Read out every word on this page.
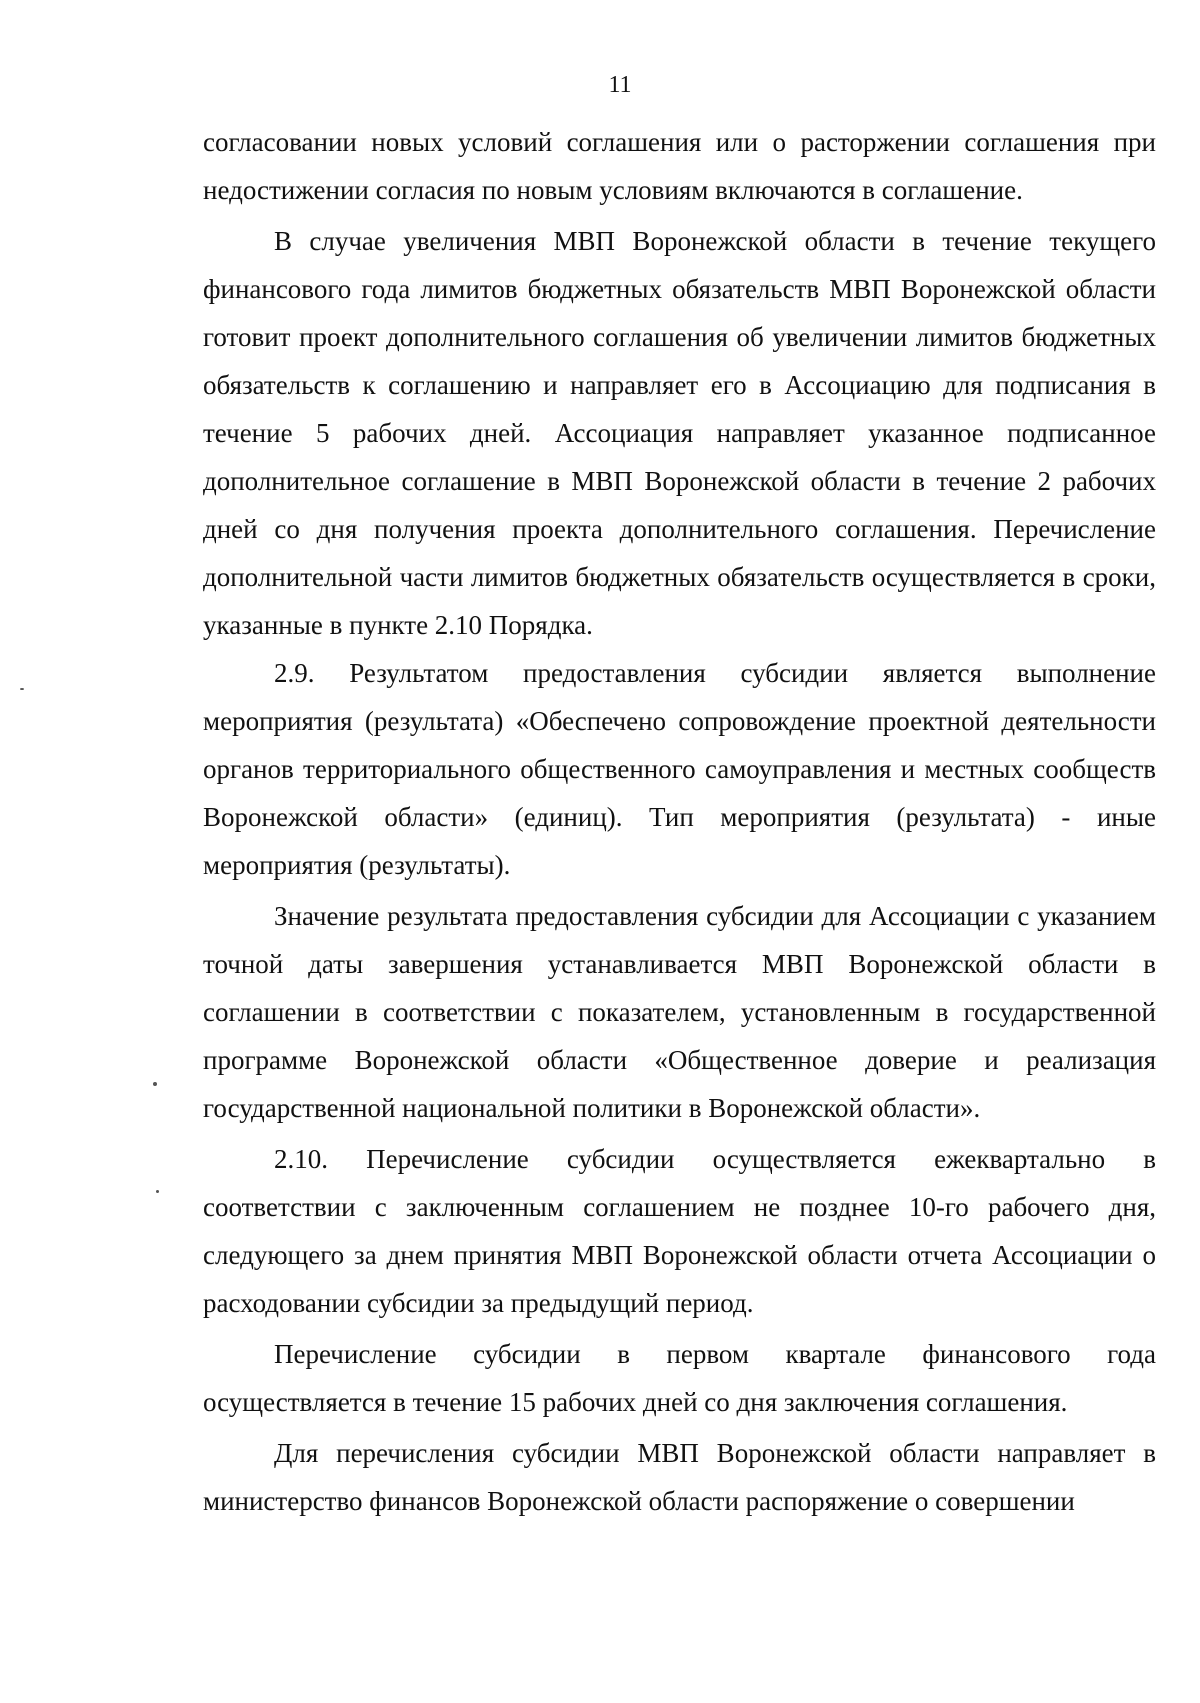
11

согласовании новых условий соглашения или о расторжении соглашения при недостижении согласия по новым условиям включаются в соглашение.

В случае увеличения МВП Воронежской области в течение текущего финансового года лимитов бюджетных обязательств МВП Воронежской области готовит проект дополнительного соглашения об увеличении лимитов бюджетных обязательств к соглашению и направляет его в Ассоциацию для подписания в течение 5 рабочих дней. Ассоциация направляет указанное подписанное дополнительное соглашение в МВП Воронежской области в течение 2 рабочих дней со дня получения проекта дополнительного соглашения. Перечисление дополнительной части лимитов бюджетных обязательств осуществляется в сроки, указанные в пункте 2.10 Порядка.

2.9. Результатом предоставления субсидии является выполнение мероприятия (результата) «Обеспечено сопровождение проектной деятельности органов территориального общественного самоуправления и местных сообществ Воронежской области» (единиц). Тип мероприятия (результата) - иные мероприятия (результаты).

Значение результата предоставления субсидии для Ассоциации с указанием точной даты завершения устанавливается МВП Воронежской области в соглашении в соответствии с показателем, установленным в государственной программе Воронежской области «Общественное доверие и реализация государственной национальной политики в Воронежской области».

2.10. Перечисление субсидии осуществляется ежеквартально в соответствии с заключенным соглашением не позднее 10-го рабочего дня, следующего за днем принятия МВП Воронежской области отчета Ассоциации о расходовании субсидии за предыдущий период.

Перечисление субсидии в первом квартале финансового года осуществляется в течение 15 рабочих дней со дня заключения соглашения.

Для перечисления субсидии МВП Воронежской области направляет в министерство финансов Воронежской области распоряжение о совершении
